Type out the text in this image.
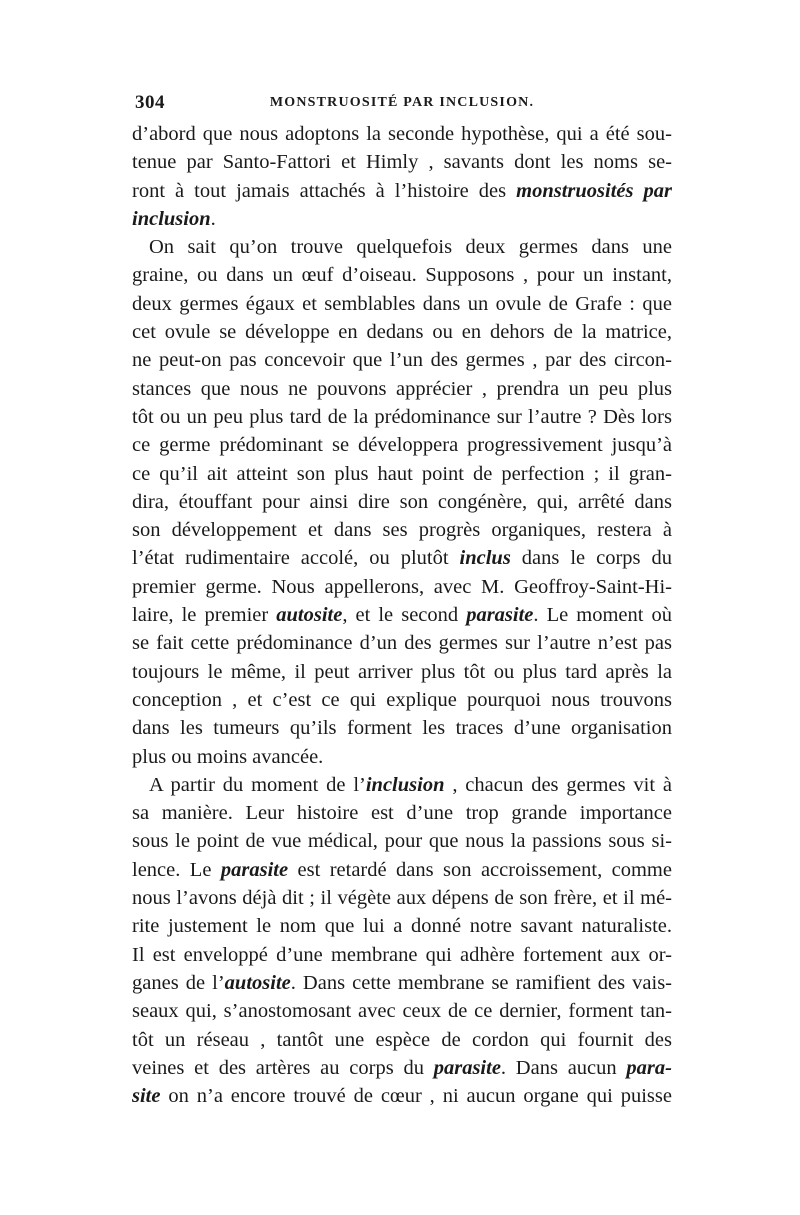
304	MONSTRUOSITÉ PAR INCLUSION.
d’abord que nous adoptons la seconde hypothèse, qui a été sou-
tenue par Santo-Fattori et Himly , savants dont les noms se-
ront à tout jamais attachés à l’histoire des monstruosités par
inclusion.
On sait qu’on trouve quelquefois deux germes dans une
graine, ou dans un œuf d’oiseau. Supposons , pour un instant,
deux germes égaux et semblables dans un ovule de Grafe : que
cet ovule se développe en dedans ou en dehors de la matrice,
ne peut-on pas concevoir que l’un des germes , par des circon-
stances que nous ne pouvons apprécier , prendra un peu plus
tôt ou un peu plus tard de la prédominance sur l’autre ? Dès lors
ce germe prédominant se développera progressivement jusqu’à
ce qu’il ait atteint son plus haut point de perfection ; il gran-
dira, étouffant pour ainsi dire son congénère, qui, arrêté dans
son développement et dans ses progrès organiques, restera à
l’état rudimentaire accolé, ou plutôt inclus dans le corps du
premier germe. Nous appellerons, avec M. Geoffroy-Saint-Hi-
laire, le premier autosite, et le second parasite. Le moment où
se fait cette prédominance d’un des germes sur l’autre n’est pas
toujours le même, il peut arriver plus tôt ou plus tard après la
conception , et c’est ce qui explique pourquoi nous trouvons
dans les tumeurs qu’ils forment les traces d’une organisation
plus ou moins avancée.
A partir du moment de l’inclusion , chacun des germes vit à
sa manière. Leur histoire est d’une trop grande importance
sous le point de vue médical, pour que nous la passions sous si-
lence. Le parasite est retardé dans son accroissement, comme
nous l’avons déjà dit ; il végète aux dépens de son frère, et il mé-
rite justement le nom que lui a donné notre savant naturaliste.
Il est enveloppé d’une membrane qui adhère fortement aux or-
ganes de l’autosite. Dans cette membrane se ramifient des vais-
seaux qui, s’anostomosant avec ceux de ce dernier, forment tan-
tôt un réseau , tantôt une espèce de cordon qui fournit des
veines et des artères au corps du parasite. Dans aucun para-
site on n’a encore trouvé de cœur , ni aucun organe qui puisse
